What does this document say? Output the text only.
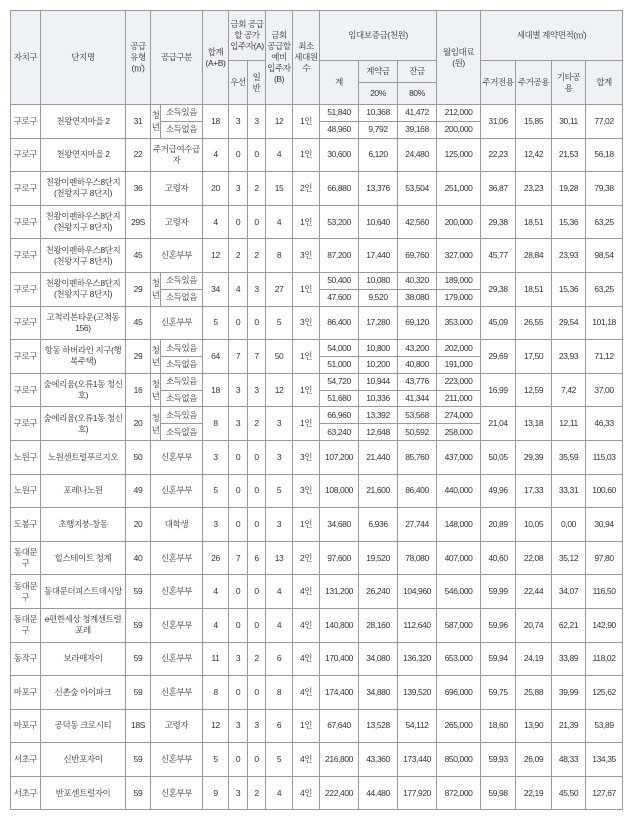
자치구	단지명	공급유형(㎡)	공급구분		합계(A+B)	금회 공급할 공가 입주자(A)		금회 공급할 예비 입주자(B)	최소 세대원 수	임대보증금(천원)			월임대료(원)	세대별 계약면적(㎡)			
						우선	일반			계	계약금	잔금		주거전용	주거공용	기타공용	합계
											20%	80%					
구로구	천왕연지마을 2	31	청년	소득있음	18	3	3	12	1인	51,840	10,368	41,472	212,000	31,06	15,85	30,11	77,02
				소득없음						48,960	9,792	39,168	200,000				
구로구	천왕연지마을 2	22	주거급여수급자		4	0	0	4	1인	30,600	6,120	24,480	125,000	22,23	12,42	21,53	56,18
구로구	천왕이펜하우스8단지(천왕지구 8단지)	36	고령자		20	3	2	15	2인	66,880	13,376	53,504	251,000	36,87	23,23	19,28	79,38
구로구	천왕이펜하우스8단지(천왕지구 8단지)	29S	고령자		4	0	0	4	1인	53,200	10,640	42,560	200,000	29,38	18,51	15,36	63,25
구로구	천왕이펜하우스8단지(천왕지구 8단지)	45	신혼부부		12	2	2	8	3인	87,200	17,440	69,760	327,000	45,77	28,84	23,93	98,54
구로구	천왕이펜하우스8단지(천왕지구 8단지)	29	청년	소득있음	34	4	3	27	1인	50,400	10,080	40,320	189,000	29,38	18,51	15,36	63,25
				소득없음						47,600	9,520	38,080	179,000				
구로구	고척리본타운(고척동 156)	45	신혼부부		5	0	0	5	3인	86,400	17,280	69,120	353,000	45,09	26,55	29,54	101,18
구로구	항동 하버라인 지구(행복주택)	29	청년	소득있음	64	7	7	50	1인	54,000	10,800	43,200	202,000	29,69	17,50	23,93	71,12
				소득없음						51,000	10,200	40,800	191,000				
구로구	숲에리움(오류1동 청신호)	16	청년	소득있음	18	3	3	12	1인	54,720	10,944	43,776	223,000	16,99	12,59	7,42	37,00
				소득없음						51,680	10,336	41,344	211,000				
구로구	숲에리움(오류1동 청신호)	20	청년	소득있음	8	3	2	3	1인	66,960	13,392	53,568	274,000	21,04	13,18	12,11	46,33
				소득없음						63,240	12,648	50,592	258,000				
노원구	노원센트럴푸르지오	50	신혼부부		3	0	0	3	3인	107,200	21,440	85,760	437,000	50,05	29,39	35,59	115,03
노원구	포레나노원	49	신혼부부		5	0	0	5	3인	108,000	21,600	86,400	440,000	49,96	17,33	33,31	100,60
도봉구	초행지붕-창동	20	대학생		3	0	0	3	1인	34,680	6,936	27,744	148,000	20,89	10,05	0,00	30,94
동대문구	힐스테이트 청계	40	신혼부부		26	7	6	13	2인	97,600	19,520	78,080	407,000	40,60	22,08	35,12	97,80
동대문구	동대문더피스트데시앙	59	신혼부부		4	0	0	4	4인	131,200	26,240	104,960	546,000	59,99	22,44	34,07	116,50
동대문구	e편한세상 청계센트럴포레	59	신혼부부		4	0	0	4	4인	140,800	28,160	112,640	587,000	59,96	20,74	62,21	142,90
동작구	보라매자이	59	신혼부부		11	3	2	6	4인	170,400	34,080	136,320	653,000	59,94	24,19	33,89	118,02
마포구	신촌숲 아이파크	59	신혼부부		8	0	0	8	4인	174,400	34,880	139,520	696,000	59,75	25,88	39,99	125,62
마포구	공덕동 크로시티	18S	고령자		12	3	3	6	1인	67,640	13,528	54,112	265,000	18,60	13,90	21,39	53,89
서초구	신반포자이	59	신혼부부		5	0	0	5	4인	216,800	43,360	173,440	850,000	59,93	26,09	48,33	134,35
서초구	반포센트럴자이	59	신혼부부		9	3	2	4	4인	222,400	44,480	177,920	872,000	59,98	22,19	45,50	127,67
